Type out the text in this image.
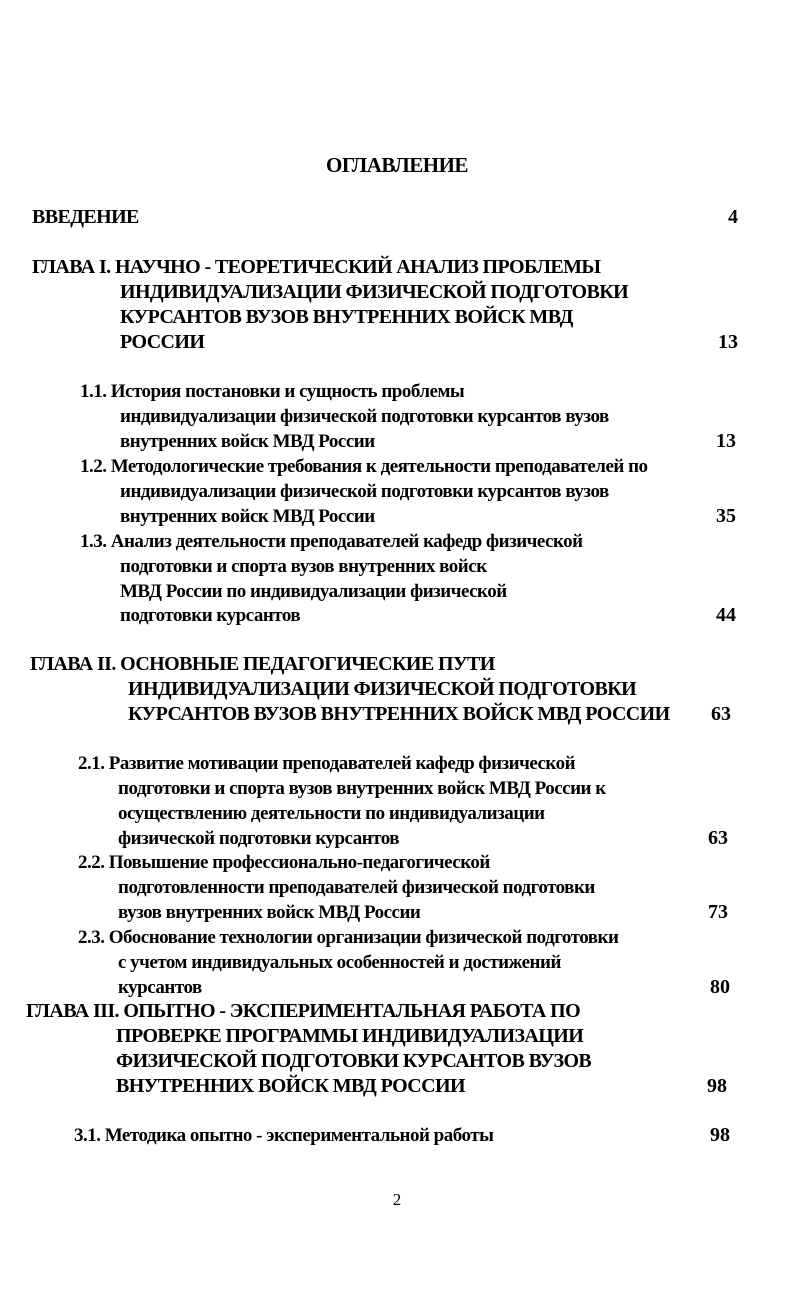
ОГЛАВЛЕНИЕ
ВВЕДЕНИЕ	4
ГЛАВА I. НАУЧНО - ТЕОРЕТИЧЕСКИЙ АНАЛИЗ ПРОБЛЕМЫ
ИНДИВИДУАЛИЗАЦИИ ФИЗИЧЕСКОЙ ПОДГОТОВКИ
КУРСАНТОВ ВУЗОВ ВНУТРЕННИХ ВОЙСК МВД
РОССИИ	13
1.1. История постановки и сущность проблемы
индивидуализации физической подготовки курсантов вузов
внутренних войск МВД России	13
1.2. Методологические требования к деятельности преподавателей по
индивидуализации физической подготовки курсантов вузов
внутренних войск МВД России	35
1.3. Анализ деятельности преподавателей кафедр физической
подготовки и спорта вузов внутренних войск
МВД России по индивидуализации физической
подготовки курсантов	44
ГЛАВА II. ОСНОВНЫЕ ПЕДАГОГИЧЕСКИЕ ПУТИ
ИНДИВИДУАЛИЗАЦИИ ФИЗИЧЕСКОЙ ПОДГОТОВКИ
КУРСАНТОВ ВУЗОВ ВНУТРЕННИХ ВОЙСК МВД РОССИИ	63
2.1. Развитие мотивации преподавателей кафедр физической
подготовки и спорта вузов внутренних войск МВД России к
осуществлению деятельности по индивидуализации
физической подготовки курсантов	63
2.2. Повышение профессионально-педагогической
подготовленности преподавателей физической подготовки
вузов внутренних войск МВД России	73
2.3. Обоснование технологии организации физической подготовки
с учетом индивидуальных особенностей и достижений
курсантов	80
ГЛАВА III. ОПЫТНО - ЭКСПЕРИМЕНТАЛЬНАЯ РАБОТА ПО
ПРОВЕРКЕ ПРОГРАММЫ ИНДИВИДУАЛИЗАЦИИ
ФИЗИЧЕСКОЙ ПОДГОТОВКИ КУРСАНТОВ ВУЗОВ
ВНУТРЕННИХ ВОЙСК МВД РОССИИ	98
3.1. Методика опытно - экспериментальной работы	98
2
